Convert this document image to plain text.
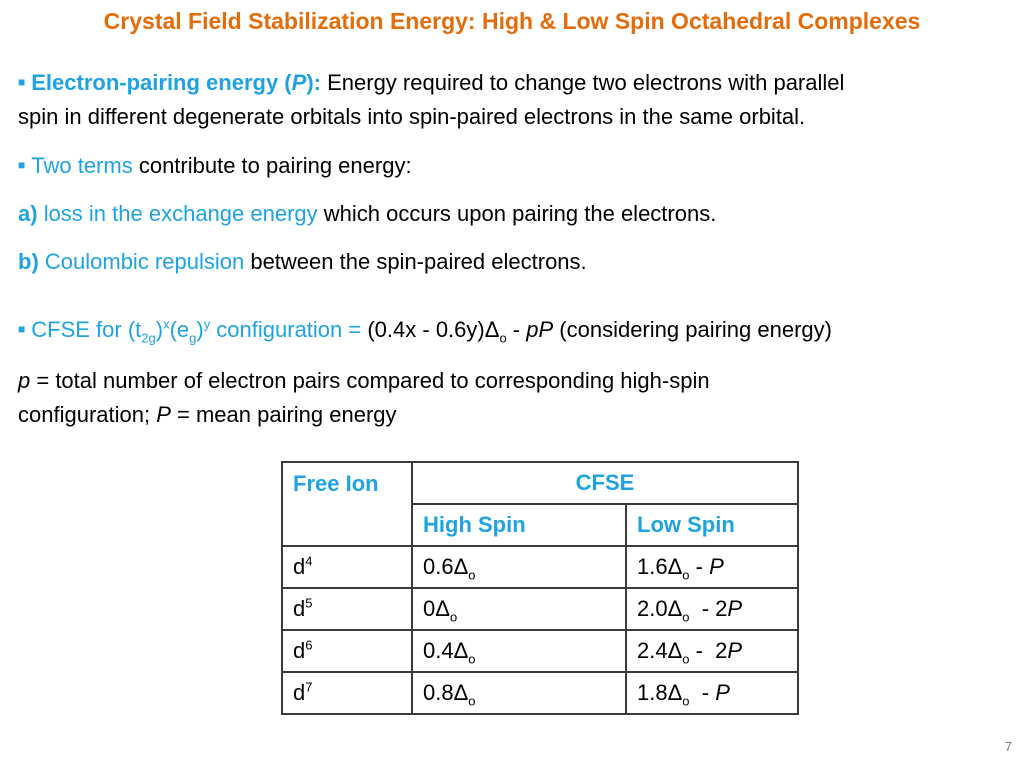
Crystal Field Stabilization Energy: High & Low Spin Octahedral Complexes
■ Electron-pairing energy (P): Energy required to change two electrons with parallel
spin in different degenerate orbitals into spin-paired electrons in the same orbital.
■ Two terms contribute to pairing energy:
a) loss in the exchange energy which occurs upon pairing the electrons.
b) Coulombic repulsion between the spin-paired electrons.
■ CFSE for $(t_{2g})^x(e_g)^y$ configuration = $(0.4x - 0.6y)\Delta_o$ - pP (considering pairing energy)
p = total number of electron pairs compared to corresponding high-spin
configuration; P = mean pairing energy
Free Ion	CFSE	
	High Spin	Low Spin
$d^4$	$0.6\Delta_o$	$1.6\Delta_o$ - P
$d^5$	$0\Delta_o$	$2.0\Delta_o - 2P$
$d^6$	$0.4\Delta_o$	$2.4\Delta_o - 2P$
$d^7$	$0.8\Delta_o$	$1.8\Delta_o$  - P
7
